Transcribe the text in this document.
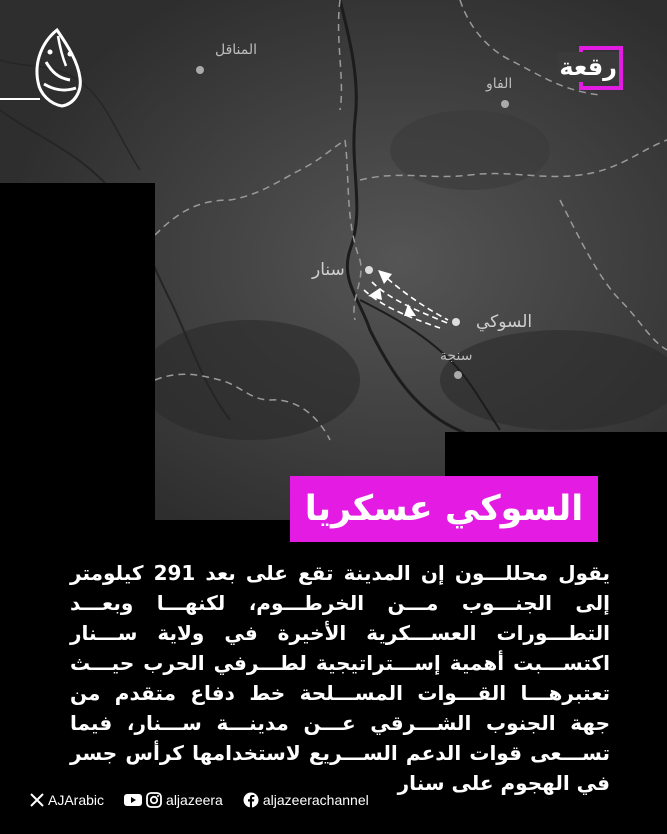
المناقل
الفاو
سنار
السوكي
سنجة
رقعة
السوكي عسكريا
يقول محللـــون إن المدينة تقع على بعد 291 كيلومتر إلى الجنـــوب مـــن الخرطـــوم، لكنهـــا وبعـــد التطـــورات العســـكرية الأخيرة في ولاية ســـنار اكتســـبت أهمية إســـتراتيجية لطـــرفي الحرب حيـــث تعتبرهـــا القـــوات المســـلحة خط دفاع متقدم من جهة الجنوب الشـــرقي عـــن مدينـــة ســـنار، فيما تســـعى قوات الدعم الســـريع لاستخدامها كرأس جسر في الهجوم على سنار
AJArabic	aljazeera	aljazeerachannel
